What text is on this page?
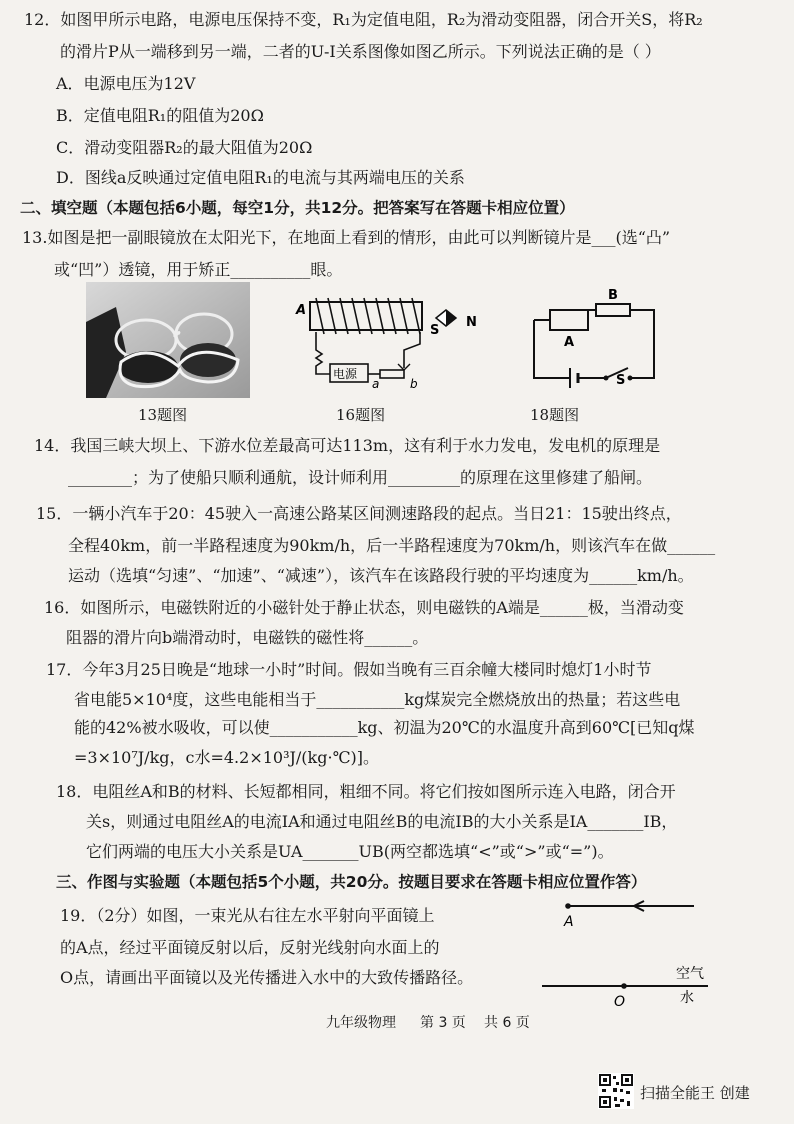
12．如图甲所示电路，电源电压保持不变，R₁为定值电阻，R₂为滑动变阻器，闭合开关S，将R₂
的滑片P从一端移到另一端，二者的U-I关系图像如图乙所示。下列说法正确的是（ ）
A．电源电压为12V
B．定值电阻R₁的阻值为20Ω
C．滑动变阻器R₂的最大阻值为20Ω
D．图线a反映通过定值电阻R₁的电流与其两端电压的关系
二、填空题（本题包括6小题，每空1分，共12分。把答案写在答题卡相应位置）
13.如图是把一副眼镜放在太阳光下，在地面上看到的情形，由此可以判断镜片是___(选“凸”
或“凹”）透镜，用于矫正__________眼。
13题图
A
S
N
电源
a	b
16题图
A
B
S
18题图
14．我国三峡大坝上、下游水位差最高可达113m，这有利于水力发电，发电机的原理是
________；为了使船只顺利通航，设计师利用_________的原理在这里修建了船闸。
15．一辆小汽车于20：45驶入一高速公路某区间测速路段的起点。当日21：15驶出终点，
全程40km，前一半路程速度为90km/h，后一半路程速度为70km/h，则该汽车在做______
运动（选填“匀速”、“加速”、“减速”），该汽车在该路段行驶的平均速度为______km/h。
16．如图所示，电磁铁附近的小磁针处于静止状态，则电磁铁的A端是______极，当滑动变
阻器的滑片向b端滑动时，电磁铁的磁性将______。
17．今年3月25日晚是“地球一小时”时间。假如当晚有三百余幢大楼同时熄灯1小时节
省电能5×10⁴度，这些电能相当于___________kg煤炭完全燃烧放出的热量；若这些电
能的42%被水吸收，可以使___________kg、初温为20℃的水温度升高到60℃[已知q煤
=3×10⁷J/kg，c水=4.2×10³J/(kg·℃)]。
18．电阻丝A和B的材料、长短都相同，粗细不同。将它们按如图所示连入电路，闭合开
关s，则通过电阻丝A的电流IA和通过电阻丝B的电流IB的大小关系是IA_______IB，
它们两端的电压大小关系是UA_______UB(两空都选填“<”或“>”或“=”)。
三、作图与实验题（本题包括5个小题，共20分。按题目要求在答题卡相应位置作答）
19．（2分）如图，一束光从右往左水平射向平面镜上
的A点，经过平面镜反射以后，反射光线射向水面上的
O点，请画出平面镜以及光传播进入水中的大致传播路径。
A
O
空气
水
九年级物理 第 3 页 共 6 页
扫描全能王 创建
